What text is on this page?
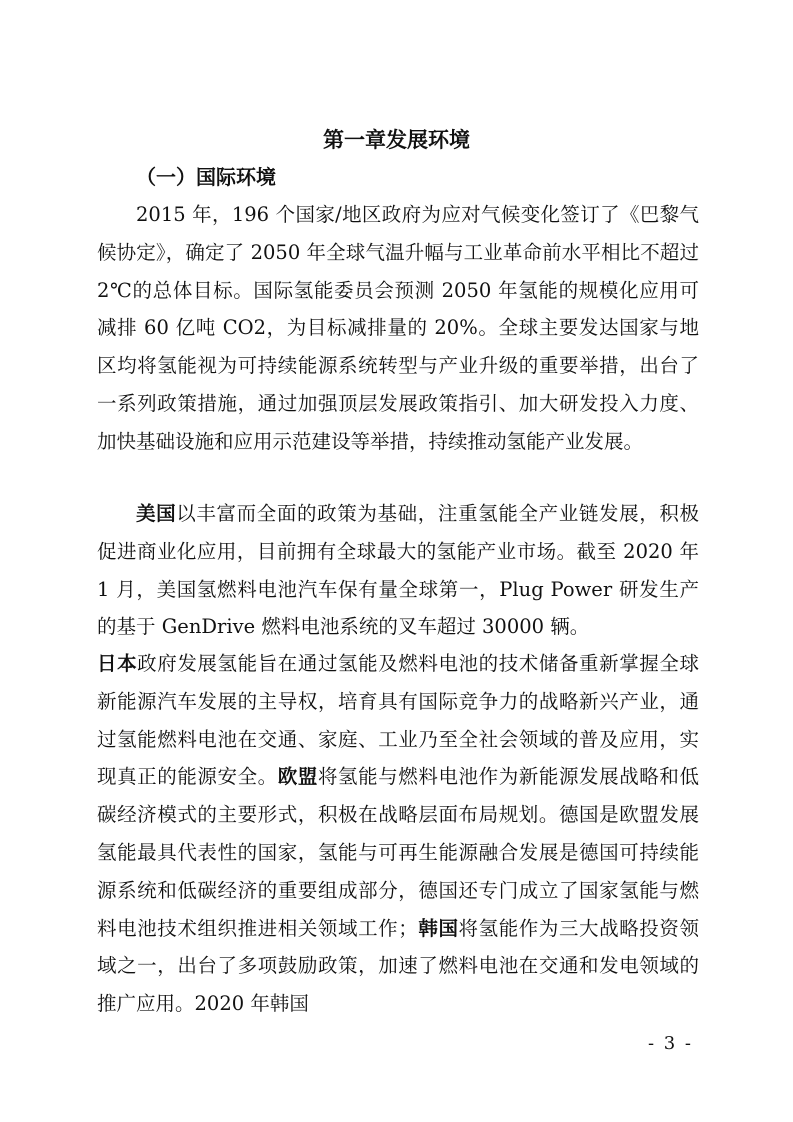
第一章发展环境
（一）国际环境

2015 年，196 个国家/地区政府为应对气候变化签订了《巴黎气候协定》，确定了 2050 年全球气温升幅与工业革命前水平相比不超过 2℃的总体目标。国际氢能委员会预测 2050 年氢能的规模化应用可减排 60 亿吨 CO2，为目标减排量的 20%。全球主要发达国家与地区均将氢能视为可持续能源系统转型与产业升级的重要举措，出台了一系列政策措施，通过加强顶层发展政策指引、加大研发投入力度、加快基础设施和应用示范建设等举措，持续推动氢能产业发展。

美国以丰富而全面的政策为基础，注重氢能全产业链发展，积极促进商业化应用，目前拥有全球最大的氢能产业市场。截至 2020 年 1 月，美国氢燃料电池汽车保有量全球第一，Plug Power 研发生产的基于 GenDrive 燃料电池系统的叉车超过 30000 辆。

日本政府发展氢能旨在通过氢能及燃料电池的技术储备重新掌握全球新能源汽车发展的主导权，培育具有国际竞争力的战略新兴产业，通过氢能燃料电池在交通、家庭、工业乃至全社会领域的普及应用，实现真正的能源安全。欧盟将氢能与燃料电池作为新能源发展战略和低碳经济模式的主要形式，积极在战略层面布局规划。德国是欧盟发展氢能最具代表性的国家，氢能与可再生能源融合发展是德国可持续能源系统和低碳经济的重要组成部分，德国还专门成立了国家氢能与燃料电池技术组织推进相关领域工作；韩国将氢能作为三大战略投资领域之一，出台了多项鼓励政策，加速了燃料电池在交通和发电领域的推广应用。2020 年韩国

- 3 -
